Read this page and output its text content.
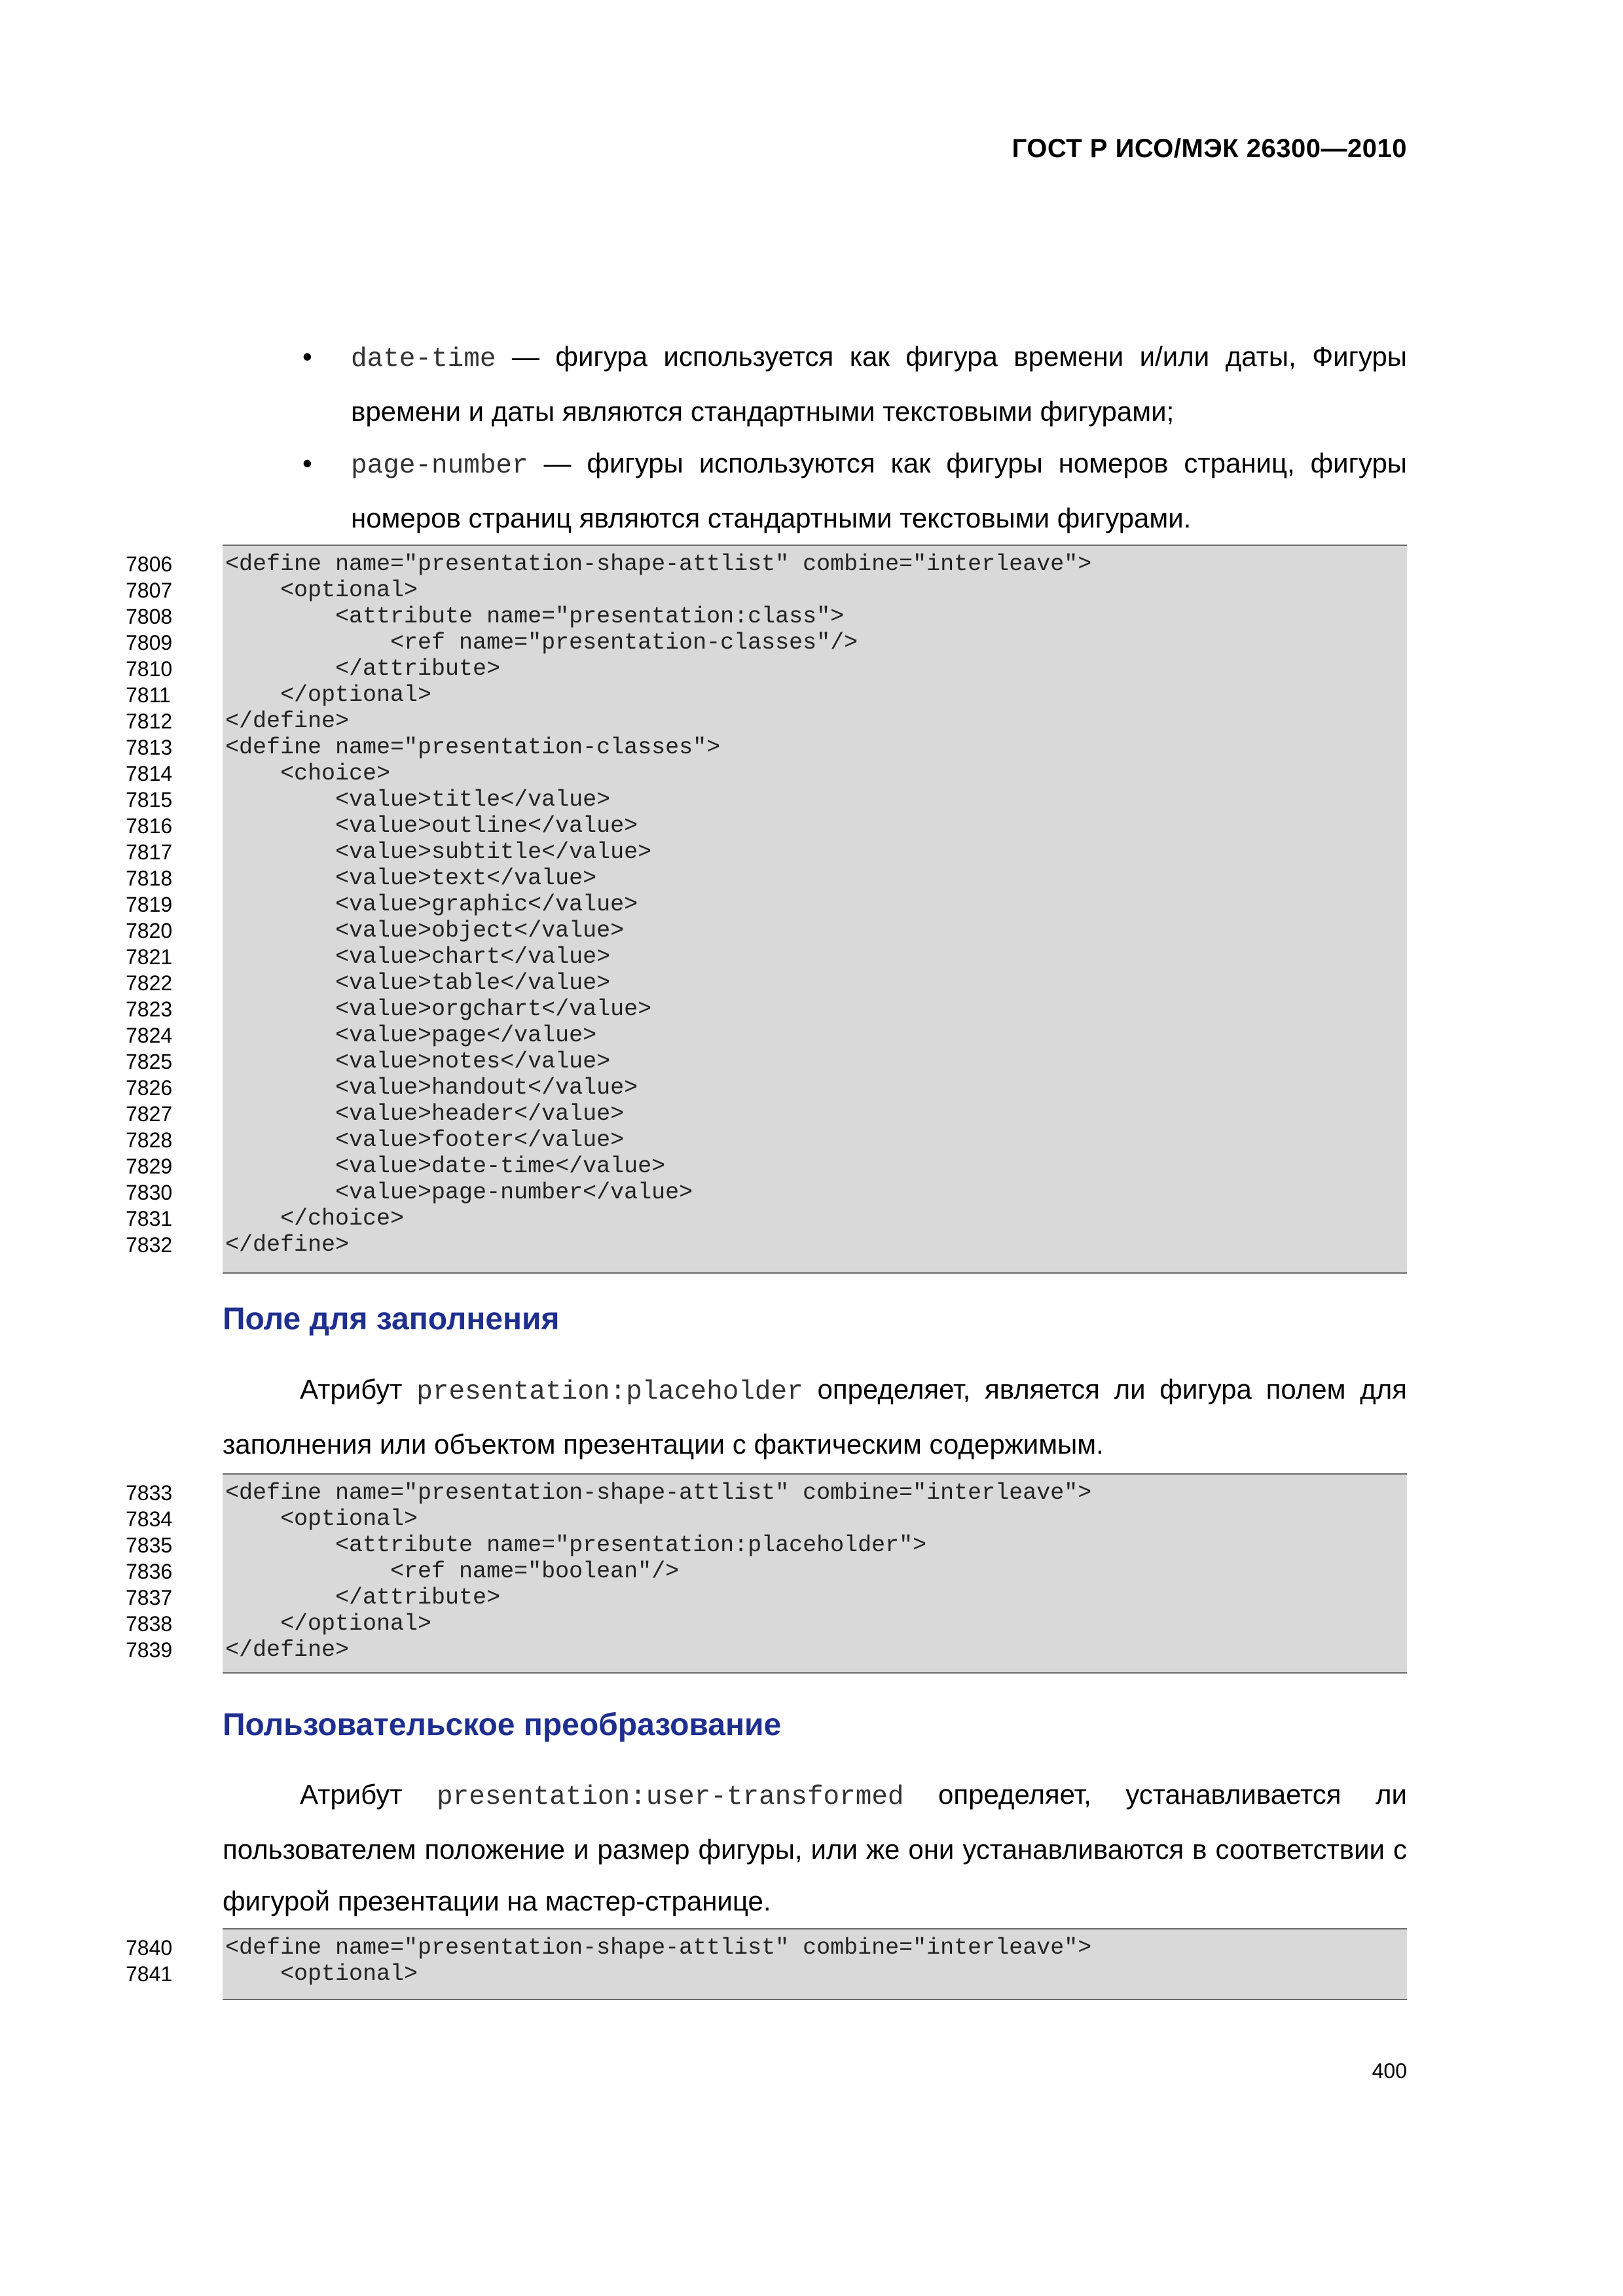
ГОСТ Р ИСО/МЭК 26300—2010
• date-time — фигура используется как фигура времени и/или даты, Фигуры времени и даты являются стандартными текстовыми фигурами;
• page-number — фигуры используются как фигуры номеров страниц, фигуры номеров страниц являются стандартными текстовыми фигурами.
7806	<define name="presentation-shape-attlist" combine="interleave">
7807	<optional>
7808	<attribute name="presentation:class">
7809	<ref name="presentation-classes"/>
7810	</attribute>
7811	</optional>
7812	</define>
7813	<define name="presentation-classes">
7814	<choice>
7815	<value>title</value>
7816	<value>outline</value>
7817	<value>subtitle</value>
7818	<value>text</value>
7819	<value>graphic</value>
7820	<value>object</value>
7821	<value>chart</value>
7822	<value>table</value>
7823	<value>orgchart</value>
7824	<value>page</value>
7825	<value>notes</value>
7826	<value>handout</value>
7827	<value>header</value>
7828	<value>footer</value>
7829	<value>date-time</value>
7830	<value>page-number</value>
7831	</choice>
7832	</define>
Поле для заполнения
Атрибут presentation:placeholder определяет, является ли фигура полем для заполнения или объектом презентации с фактическим содержимым.
7833	<define name="presentation-shape-attlist" combine="interleave">
7834	<optional>
7835	<attribute name="presentation:placeholder">
7836	<ref name="boolean"/>
7837	</attribute>
7838	</optional>
7839	</define>
Пользовательское преобразование
Атрибут presentation:user-transformed определяет, устанавливается ли пользователем положение и размер фигуры, или же они устанавливаются в соответствии с фигурой презентации на мастер-странице.
7840	<define name="presentation-shape-attlist" combine="interleave">
7841	<optional>
400
